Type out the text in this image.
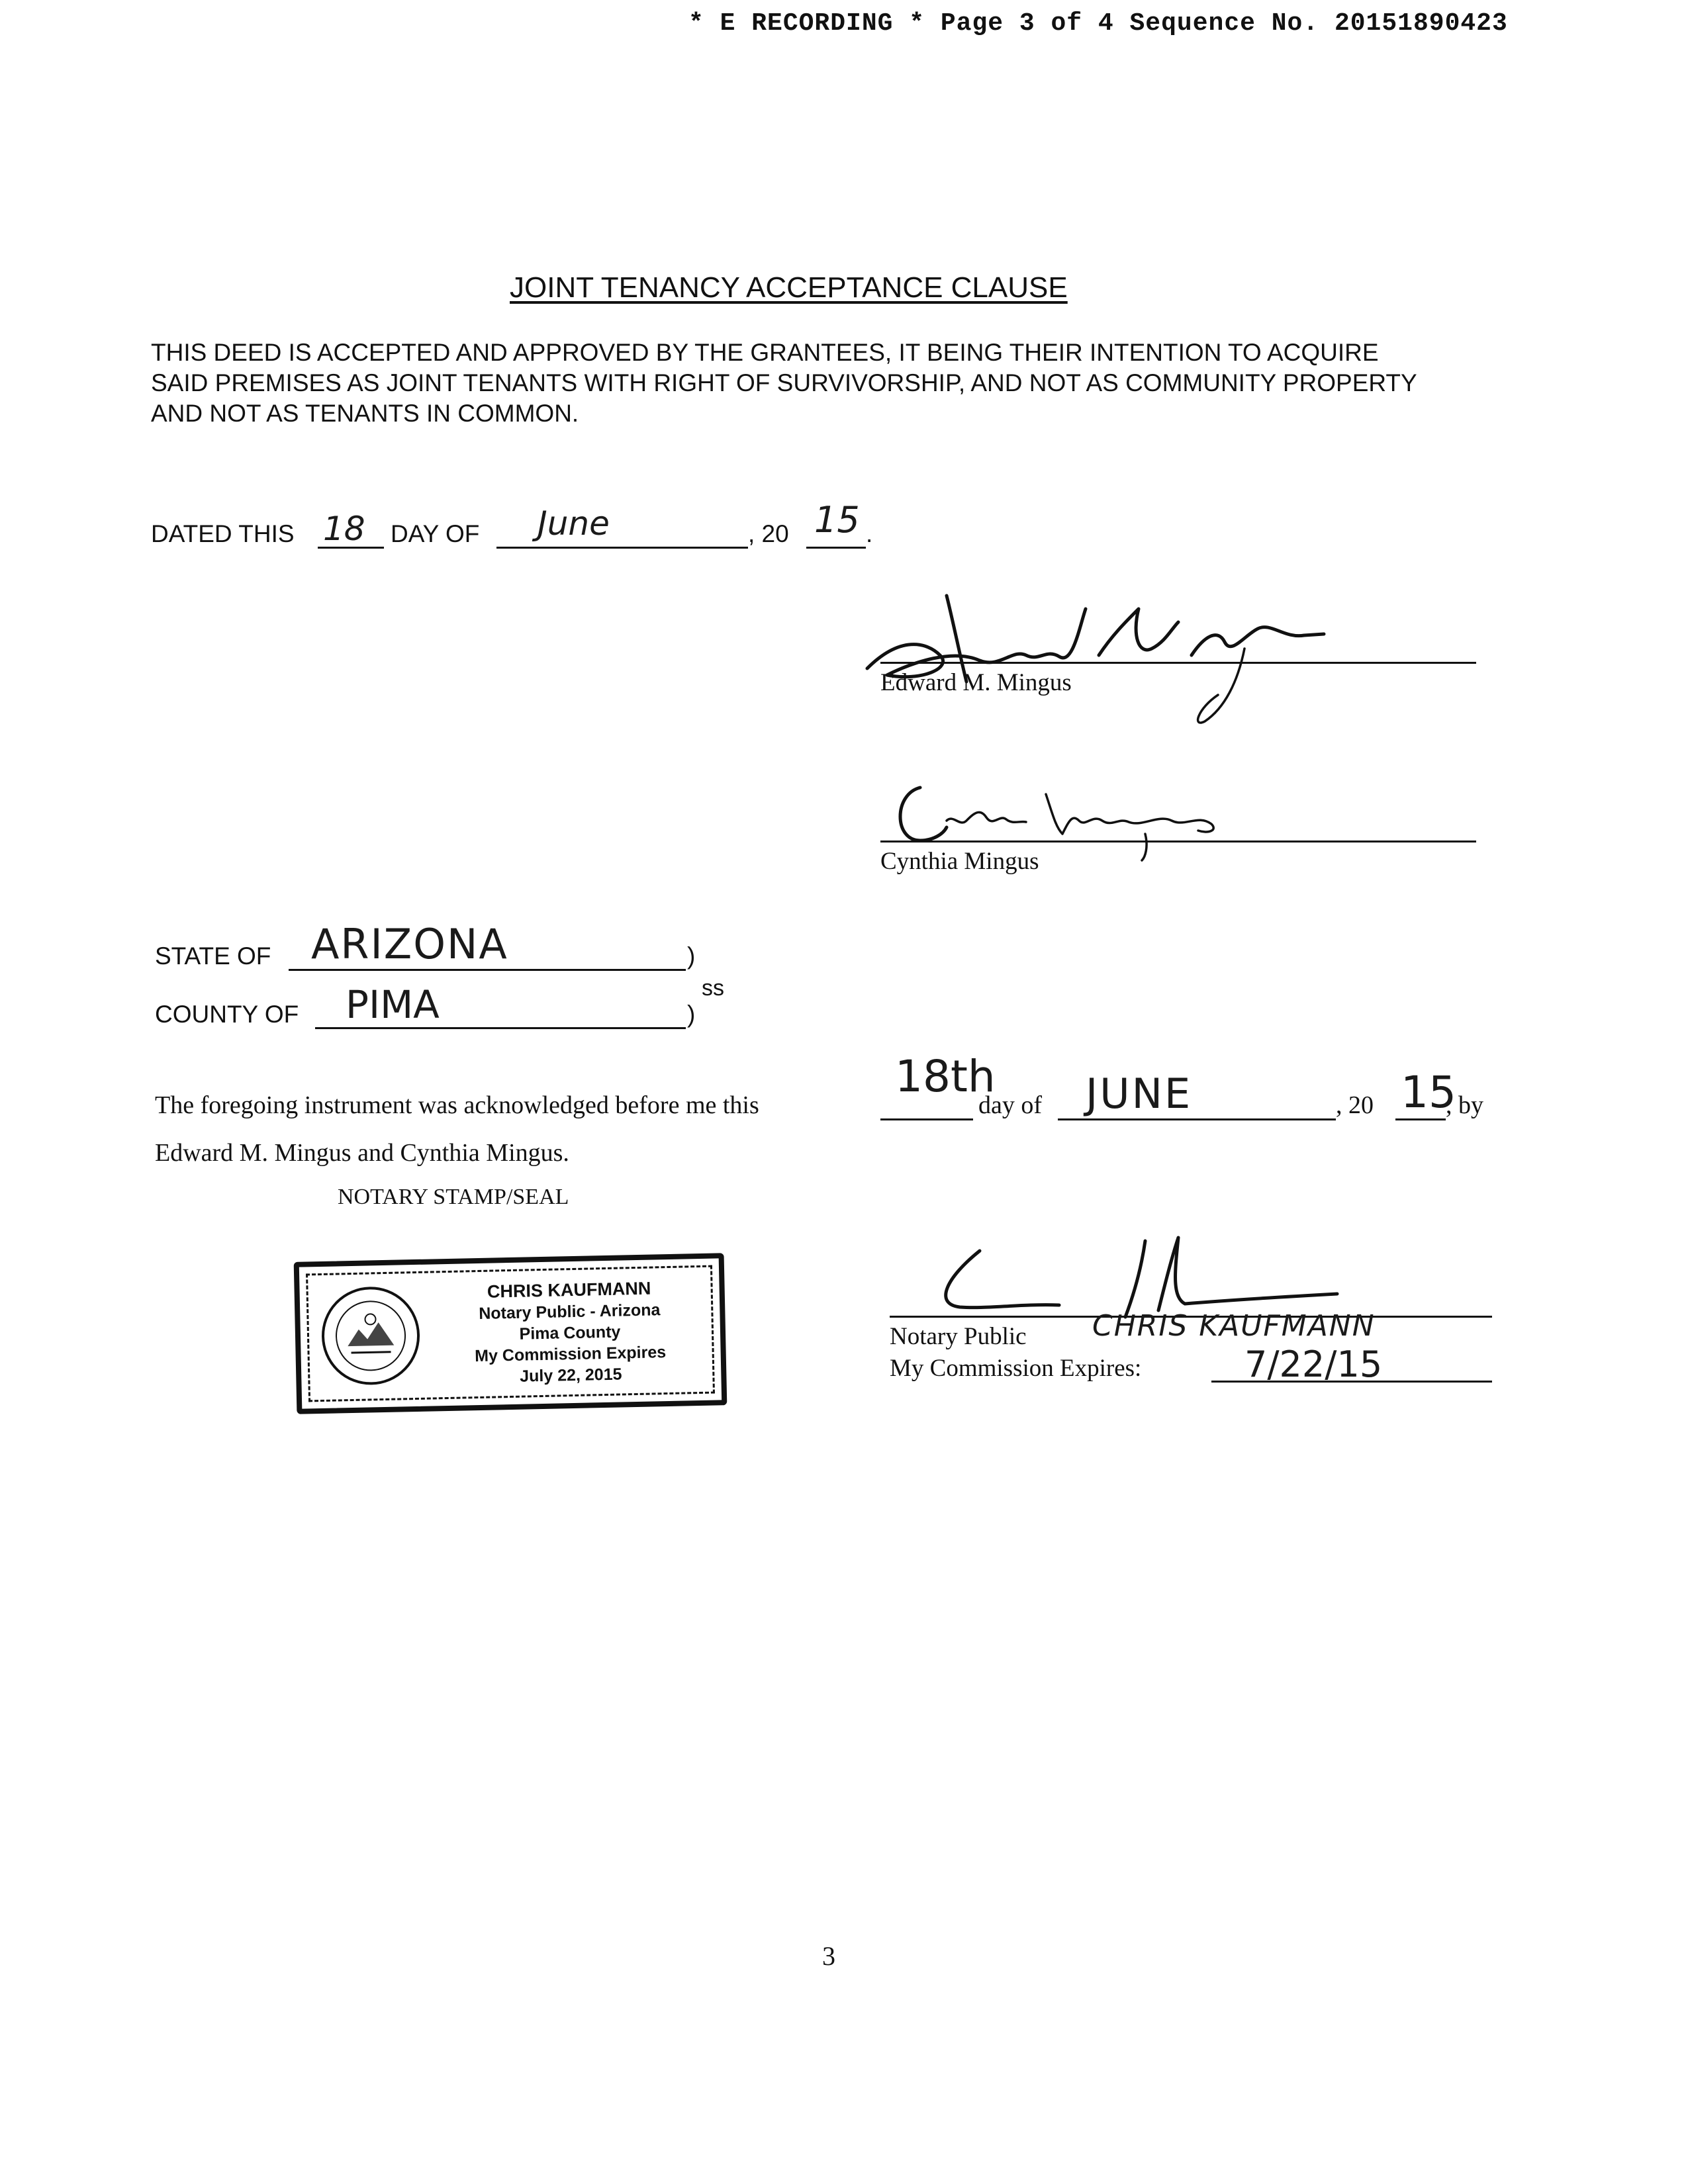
* E RECORDING * Page 3 of 4 Sequence No. 20151890423
JOINT TENANCY ACCEPTANCE CLAUSE
THIS DEED IS ACCEPTED AND APPROVED BY THE GRANTEES, IT BEING THEIR INTENTION TO ACQUIRE
SAID PREMISES AS JOINT TENANTS WITH RIGHT OF SURVIVORSHIP, AND NOT AS COMMUNITY PROPERTY
AND NOT AS TENANTS IN COMMON.
DATED THIS 18 DAY OF June	, 20 15 .
Edward M. Mingus
Cynthia Mingus
STATE OF ARIZONA	)
ss
COUNTY OF PIMA	)
The foregoing instrument was acknowledged before me this
18th
day of JUNE	, 20 15
, by
Edward M. Mingus and Cynthia Mingus.
NOTARY STAMP/SEAL
CHRIS KAUFMANN
Notary Public - Arizona
Pima County
My Commission Expires
July 22, 2015
Notary Public CHRIS KAUFMANN
My Commission Expires:	7/22/15
3
